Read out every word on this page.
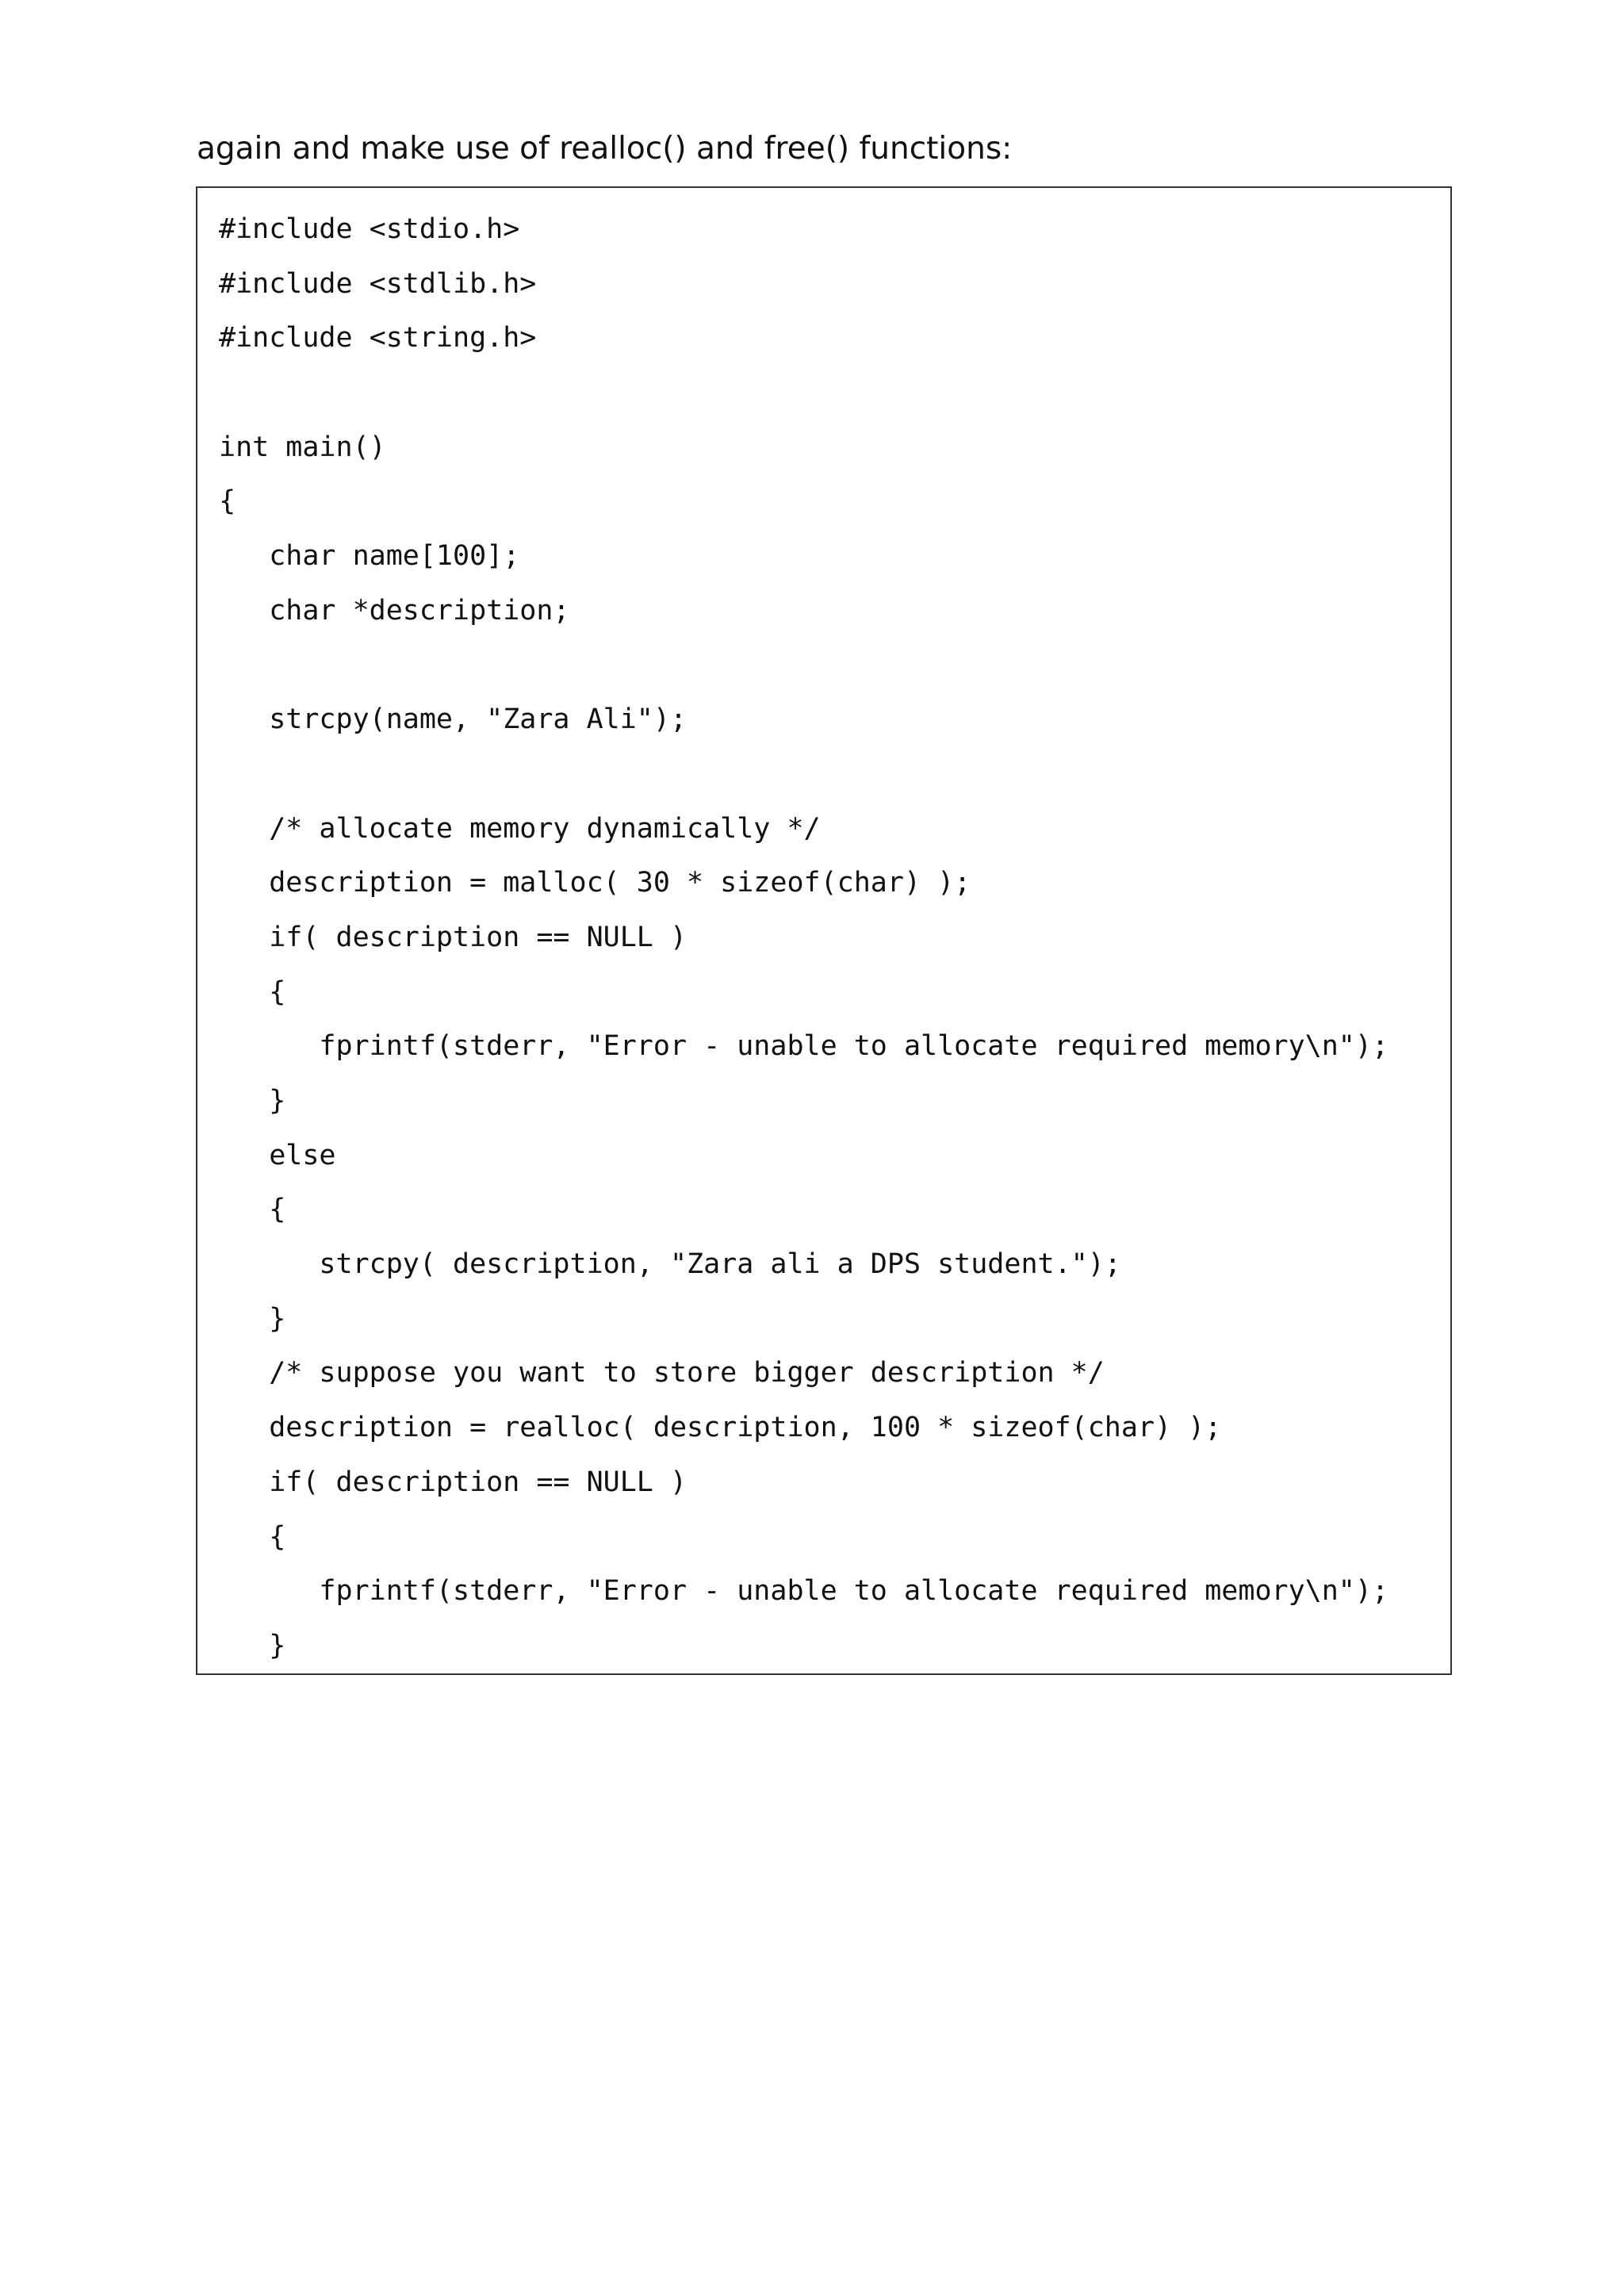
again and make use of realloc() and free() functions:

#include <stdio.h>
#include <stdlib.h>
#include <string.h>
int main()
{
char name[100];
char *description;
strcpy(name, "Zara Ali");
/* allocate memory dynamically */
description = malloc( 30 * sizeof(char) );
if( description == NULL )
{
fprintf(stderr, "Error - unable to allocate required memory\n");
}
else
{
strcpy( description, "Zara ali a DPS student.");
}
/* suppose you want to store bigger description */
description = realloc( description, 100 * sizeof(char) );
if( description == NULL )
{
fprintf(stderr, "Error - unable to allocate required memory\n");
}
